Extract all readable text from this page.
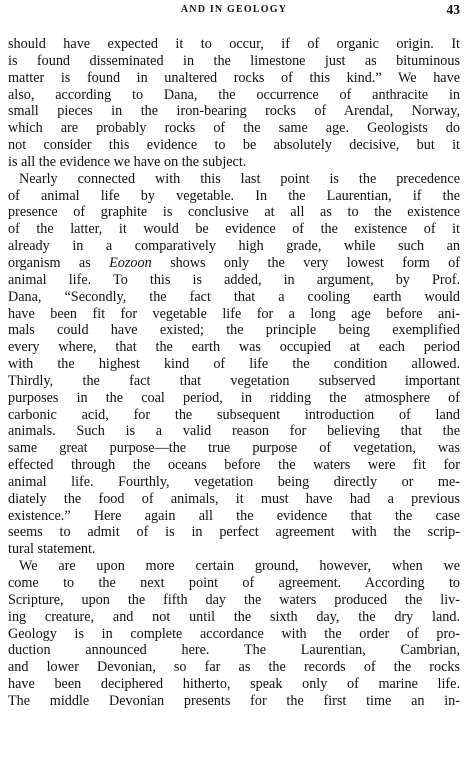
AND IN GEOLOGY	43
should have expected it to occur, if of organic origin. It
is found disseminated in the limestone just as bituminous
matter is found in unaltered rocks of this kind.” We have
also, according to Dana, the occurrence of anthracite in
small pieces in the iron-bearing rocks of Arendal, Norway,
which are probably rocks of the same age. Geologists do
not consider this evidence to be absolutely decisive, but it
is all the evidence we have on the subject.
Nearly connected with this last point is the precedence
of animal life by vegetable. In the Laurentian, if the
presence of graphite is conclusive at all as to the existence
of the latter, it would be evidence of the existence of it
already in a comparatively high grade, while such an
organism as Eozoon shows only the very lowest form of
animal life. To this is added, in argument, by Prof.
Dana, “Secondly, the fact that a cooling earth would
have been fit for vegetable life for a long age before ani-
mals could have existed; the principle being exemplified
every where, that the earth was occupied at each period
with the highest kind of life the condition allowed.
Thirdly, the fact that vegetation subserved important
purposes in the coal period, in ridding the atmosphere of
carbonic acid, for the subsequent introduction of land
animals. Such is a valid reason for believing that the
same great purpose—the true purpose of vegetation, was
effected through the oceans before the waters were fit for
animal life. Fourthly, vegetation being directly or me-
diately the food of animals, it must have had a previous
existence.” Here again all the evidence that the case
seems to admit of is in perfect agreement with the scrip-
tural statement.
We are upon more certain ground, however, when we
come to the next point of agreement. According to
Scripture, upon the fifth day the waters produced the liv-
ing creature, and not until the sixth day, the dry land.
Geology is in complete accordance with the order of pro-
duction announced here. The Laurentian, Cambrian,
and lower Devonian, so far as the records of the rocks
have been deciphered hitherto, speak only of marine life.
The middle Devonian presents for the first time an in-
